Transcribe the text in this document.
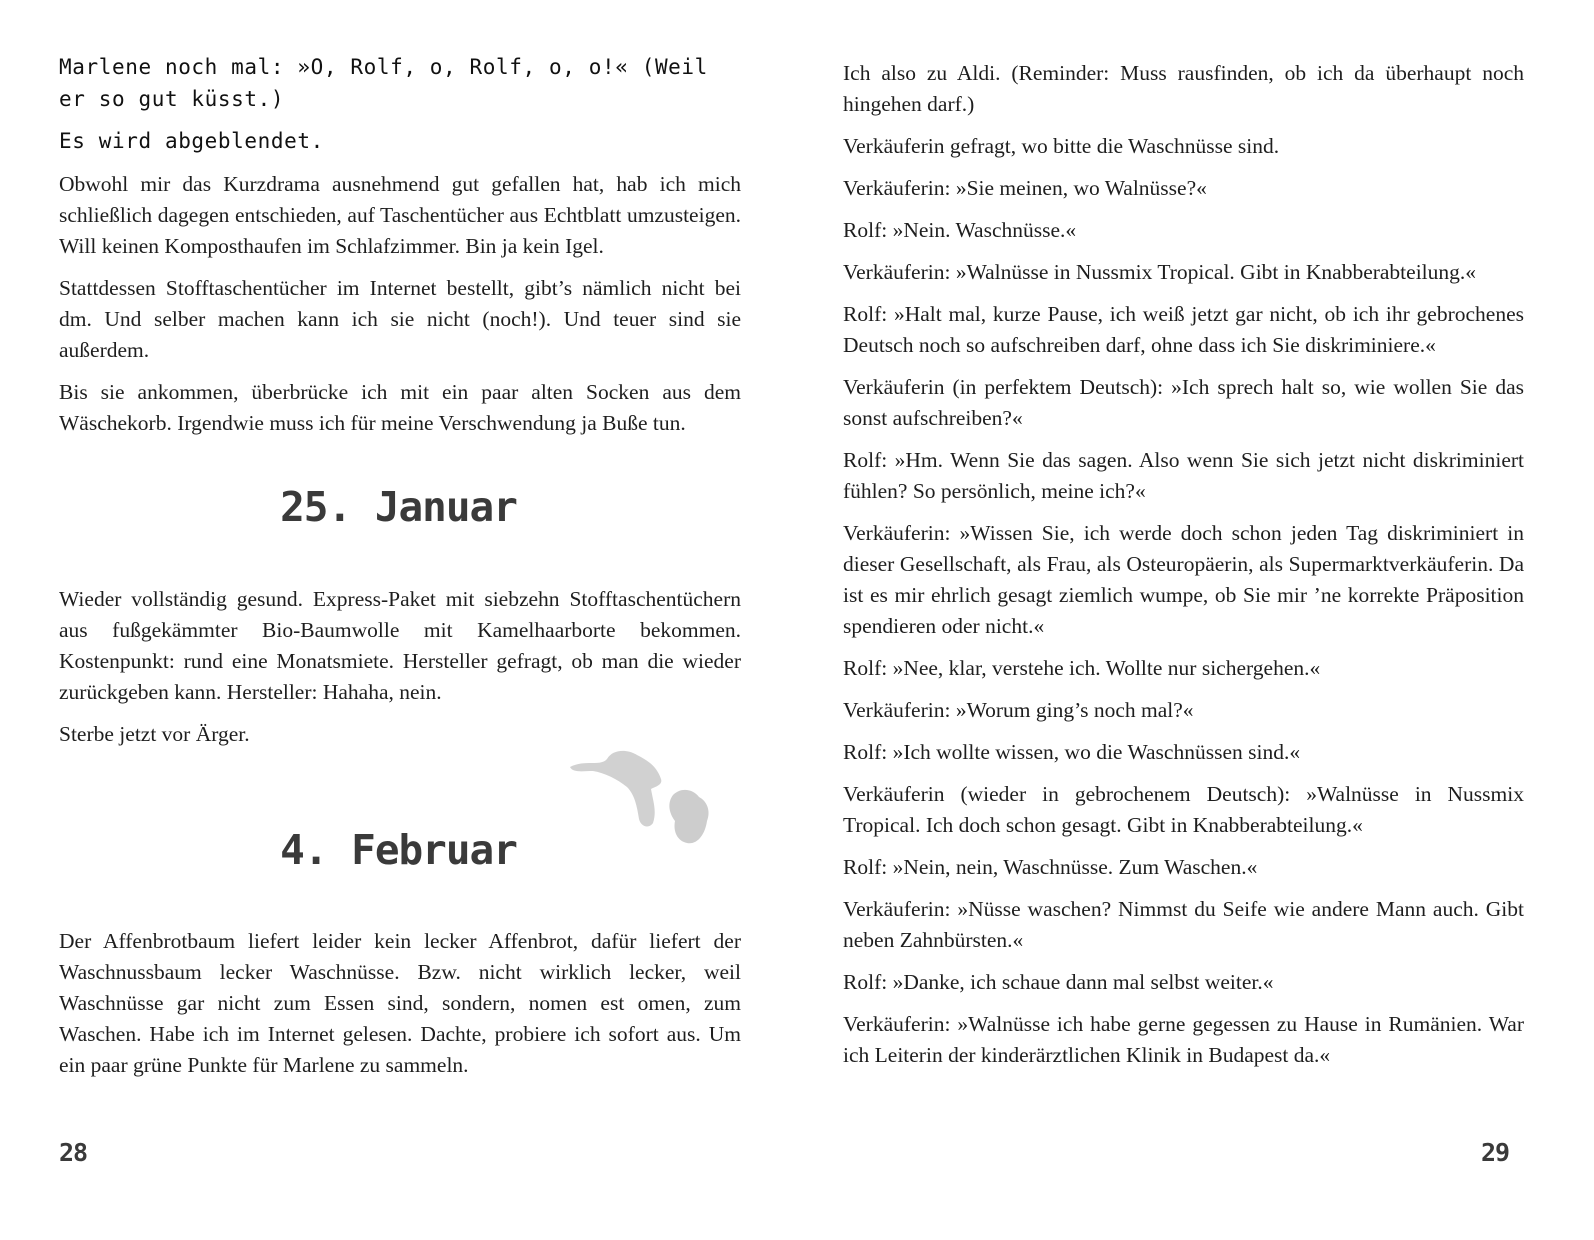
Marlene noch mal: »O, Rolf, o, Rolf, o, o!« (Weil er so gut küsst.)

Es wird abgeblendet.

Obwohl mir das Kurzdrama ausnehmend gut gefallen hat, hab ich mich schließlich dagegen entschieden, auf Taschentücher aus Echtblatt umzusteigen. Will keinen Komposthaufen im Schlafzimmer. Bin ja kein Igel.

Stattdessen Stofftaschentücher im Internet bestellt, gibt’s nämlich nicht bei dm. Und selber machen kann ich sie nicht (noch!). Und teuer sind sie außerdem.

Bis sie ankommen, überbrücke ich mit ein paar alten Socken aus dem Wäschekorb. Irgendwie muss ich für meine Verschwendung ja Buße tun.

25. Januar

Wieder vollständig gesund. Express-Paket mit siebzehn Stofftaschentüchern aus fußgekämmter Bio-Baumwolle mit Kamelhaarborte bekommen. Kostenpunkt: rund eine Monatsmiete. Hersteller gefragt, ob man die wieder zurückgeben kann. Hersteller: Hahaha, nein.

Sterbe jetzt vor Ärger.

4. Februar

Der Affenbrotbaum liefert leider kein lecker Affenbrot, dafür liefert der Waschnussbaum lecker Waschnüsse. Bzw. nicht wirklich lecker, weil Waschnüsse gar nicht zum Essen sind, sondern, nomen est omen, zum Waschen. Habe ich im Internet gelesen. Dachte, probiere ich sofort aus. Um ein paar grüne Punkte für Marlene zu sammeln.

28

Ich also zu Aldi. (Reminder: Muss rausfinden, ob ich da überhaupt noch hingehen darf.)

Verkäuferin gefragt, wo bitte die Waschnüsse sind.

Verkäuferin: »Sie meinen, wo Walnüsse?«

Rolf: »Nein. Waschnüsse.«

Verkäuferin: »Walnüsse in Nussmix Tropical. Gibt in Knabberabteilung.«

Rolf: »Halt mal, kurze Pause, ich weiß jetzt gar nicht, ob ich ihr gebrochenes Deutsch noch so aufschreiben darf, ohne dass ich Sie diskriminiere.«

Verkäuferin (in perfektem Deutsch): »Ich sprech halt so, wie wollen Sie das sonst aufschreiben?«

Rolf: »Hm. Wenn Sie das sagen. Also wenn Sie sich jetzt nicht diskriminiert fühlen? So persönlich, meine ich?«

Verkäuferin: »Wissen Sie, ich werde doch schon jeden Tag diskriminiert in dieser Gesellschaft, als Frau, als Osteuropäerin, als Supermarktverkäuferin. Da ist es mir ehrlich gesagt ziemlich wumpe, ob Sie mir ’ne korrekte Präposition spendieren oder nicht.«

Rolf: »Nee, klar, verstehe ich. Wollte nur sichergehen.«

Verkäuferin: »Worum ging’s noch mal?«

Rolf: »Ich wollte wissen, wo die Waschnüssen sind.«

Verkäuferin (wieder in gebrochenem Deutsch): »Walnüsse in Nussmix Tropical. Ich doch schon gesagt. Gibt in Knabberabteilung.«

Rolf: »Nein, nein, Waschnüsse. Zum Waschen.«

Verkäuferin: »Nüsse waschen? Nimmst du Seife wie andere Mann auch. Gibt neben Zahnbürsten.«

Rolf: »Danke, ich schaue dann mal selbst weiter.«

Verkäuferin: »Walnüsse ich habe gerne gegessen zu Hause in Rumänien. War ich Leiterin der kinderärztlichen Klinik in Budapest da.«

29
